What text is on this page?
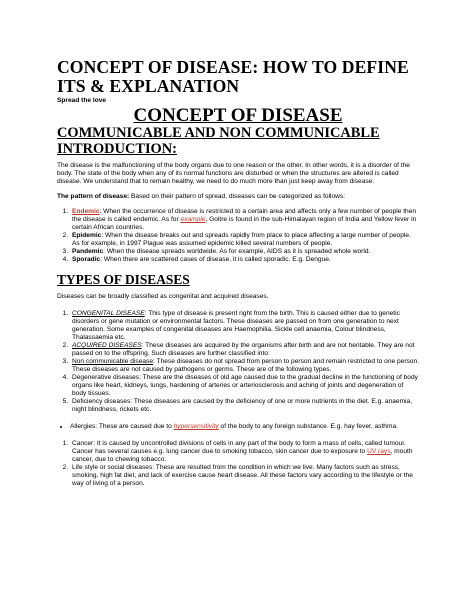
CONCEPT OF DISEASE: HOW TO DEFINE ITS & EXPLANATION
Spread the love
CONCEPT OF DISEASE
COMMUNICABLE AND NON COMMUNICABLE INTRODUCTION:

The disease is the malfunctioning of the body organs due to one reason or the other. In other words, it is a disorder of the body. The state of the body when any of its normal functions are disturbed or when the structures are altered is called disease. We understand that to remain healthy, we need to do much more than just keep away from disease.

The pattern of disease: Based on their pattern of spread, diseases can be categorized as follows:

1. Endemic: When the occurrence of disease is restricted to a certain area and affects only a few number of people then the disease is called endemic. As for example, Goitre is found in the sub-Himalayan region of India and Yellow fever in certain African countries.
2. Epidemic: When the disease breaks out and spreads rapidly from place to place affecting a large number of people. As for example, in 1997 Plague was assumed epidemic killed several numbers of people.
3. Pandemic: When the disease spreads worldwide. As for example, AIDS as it is spreaded whole world.
4. Sporadic: When there are scattered cases of disease, it is called sporadic. E.g. Dengue.
TYPES OF DISEASES

Diseases can be broadly classified as congenital and acquired diseases.

1. CONGENITAL DISEASE: This type of disease is present right from the birth. This is caused either due to genetic disorders or gene mutation or environmental factors. These diseases are passed on from one generation to next generation. Some examples of congenital diseases are Haemophilia, Sickle cell anaemia, Colour blindness, Thalassaemia etc.
2. ACQUIRED DISEASES: These diseases are acquired by the organisms after birth and are not heritable. They are not passed on to the offspring. Such diseases are further classified into:
3. Non communicable disease: These diseases do not spread from person to person and remain restricted to one person. These diseases are not caused by pathogens or germs. These are of the following types.
4. Degenerative diseases: These are the diseases of old age caused due to the gradual decline in the functioning of body organs like heart, kidneys, lungs, hardening of arteries or arteriosclerosis and aching of joints and degeneration of body tissues.
5. Deficiency diseases: These diseases are caused by the deficiency of one or more nutrients in the diet. E.g. anaemia, night blindness, rickets etc.
• Allergies: These are caused due to hypersensitivity of the body to any foreign substance. E.g. hay fever, asthma.
1. Cancer: It is caused by uncontrolled divisions of cells in any part of the body to form a mass of cells, called tumour. Cancer has several causes e.g. lung cancer due to smoking tobacco, skin cancer due to exposure to UV rays, mouth cancer, due to chewing tobacco.
2. Life style or social diseases: These are resulted from the condition in which we live. Many factors such as stress, smoking, high fat diet, and lack of exercise cause heart disease. All these factors vary according to the lifestyle or the way of living of a person.
